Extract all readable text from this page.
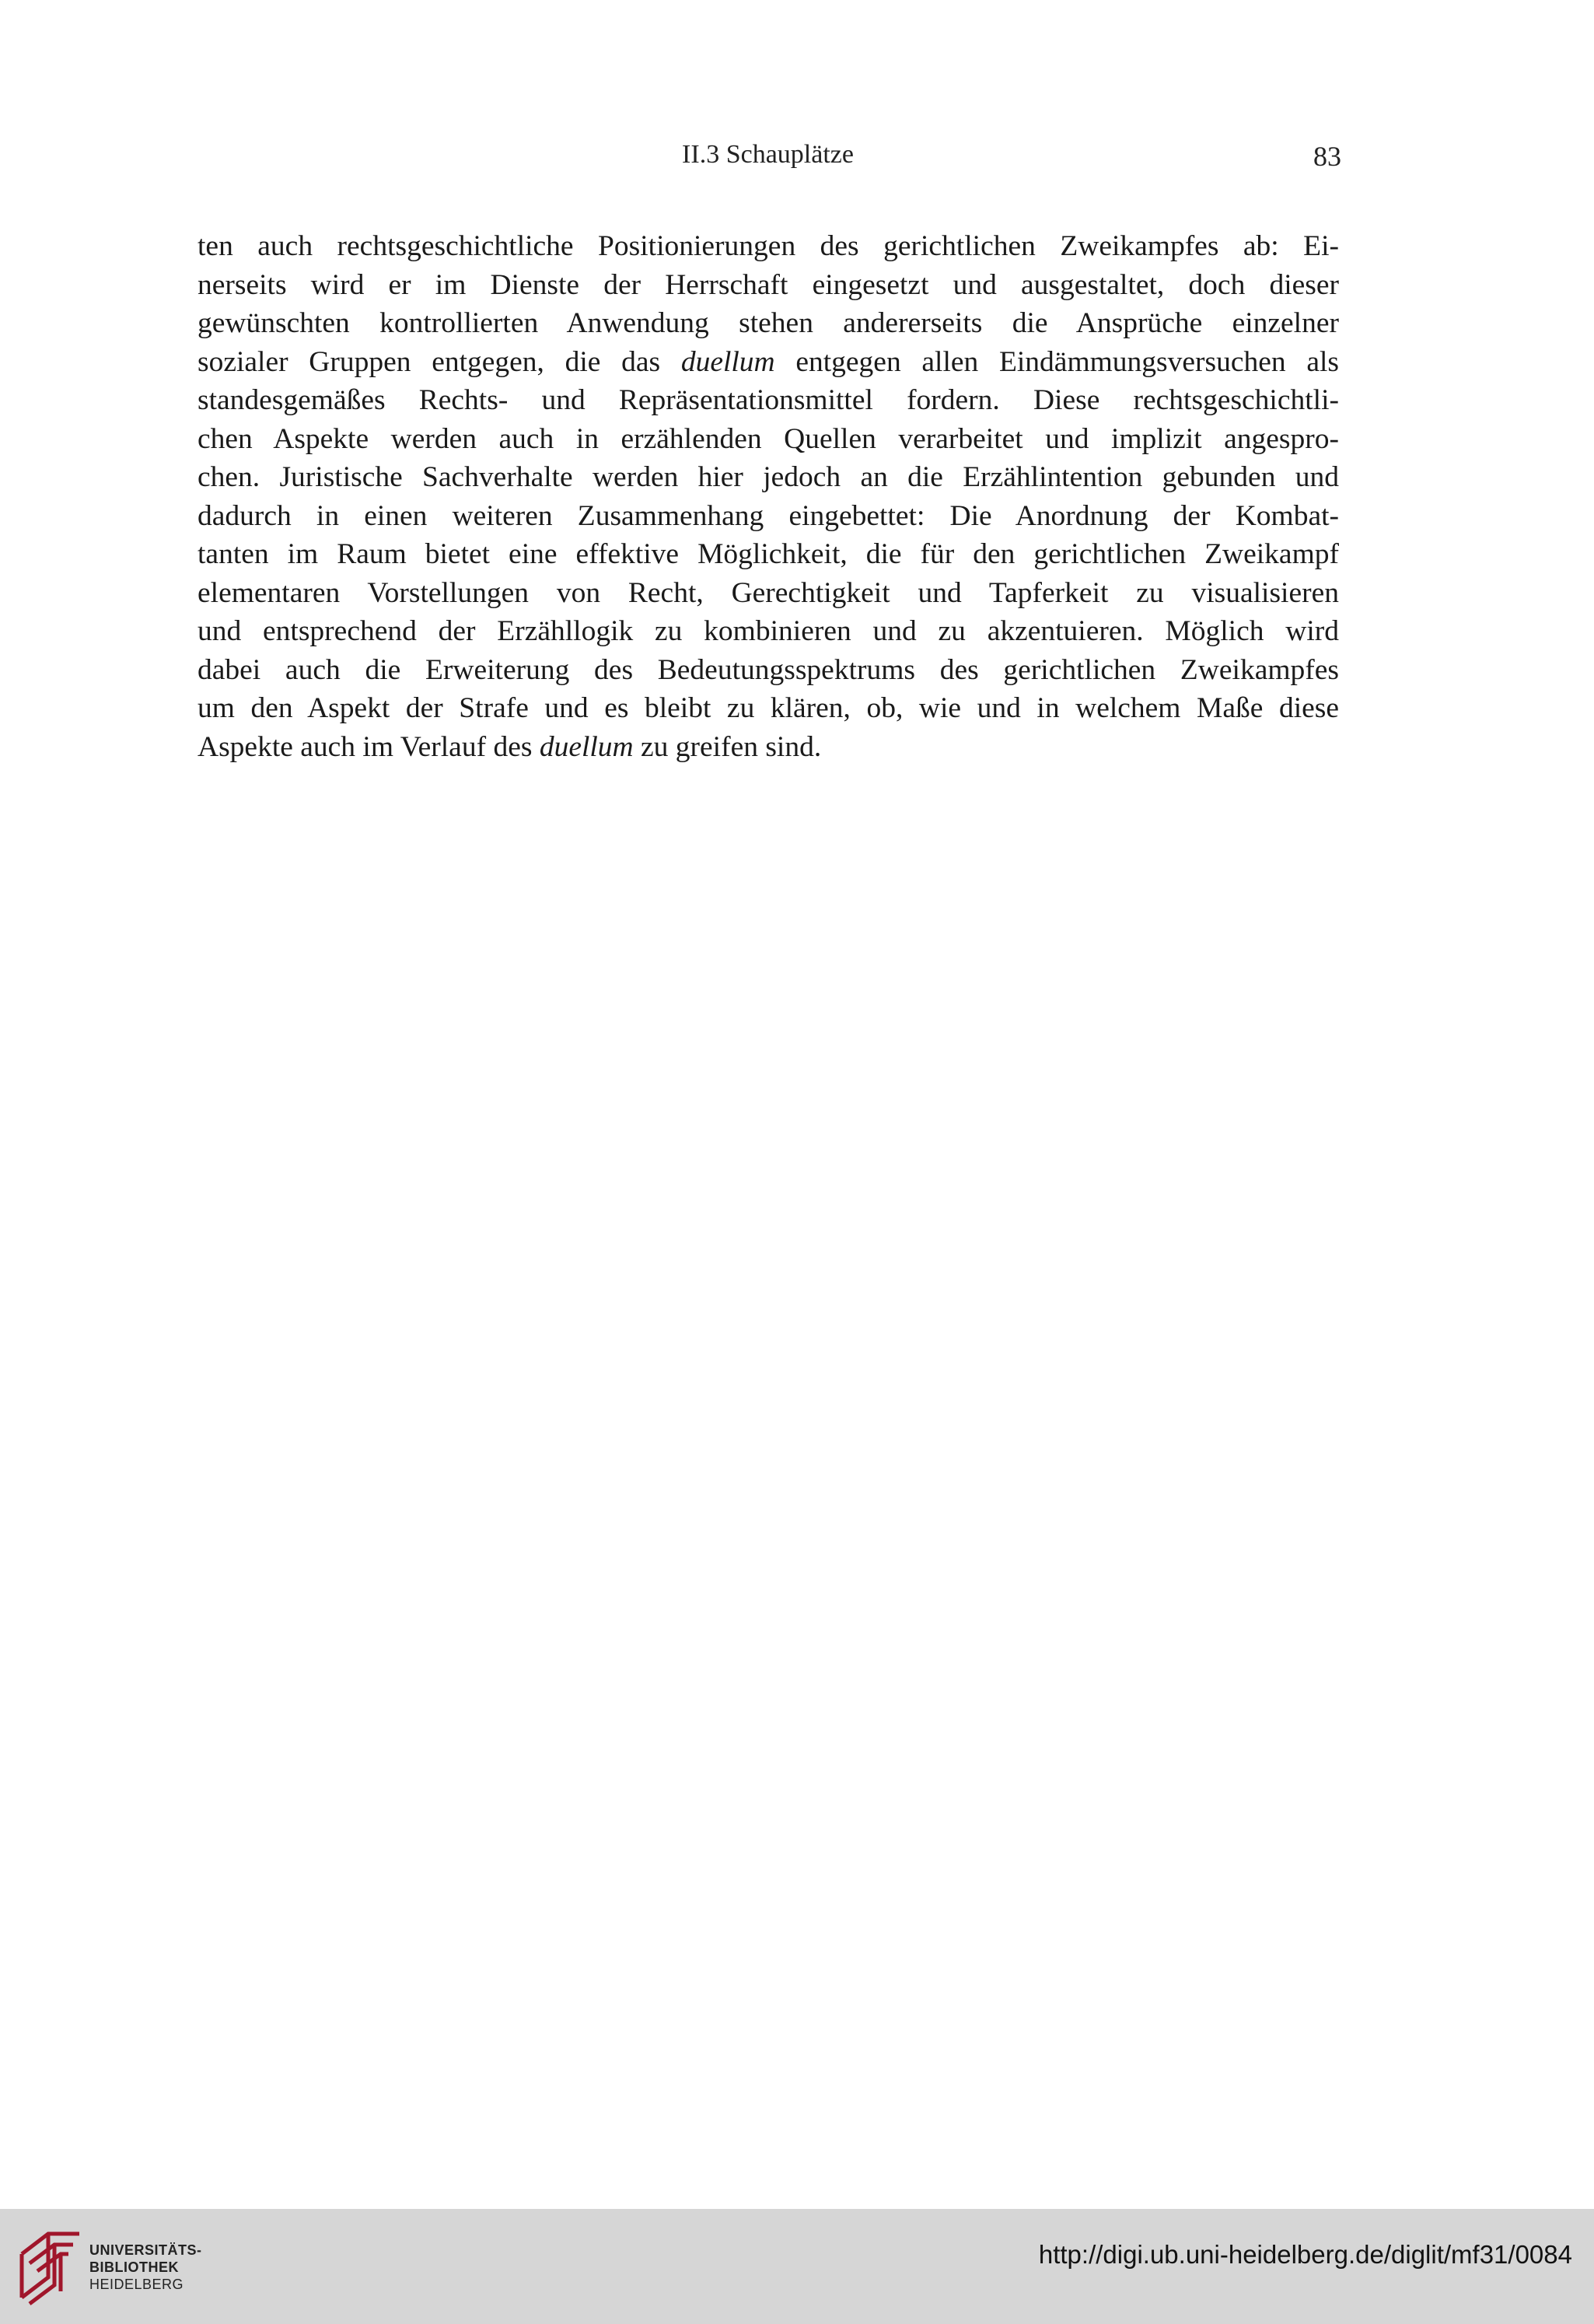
II.3 Schauplätze	83
ten auch rechtsgeschichtliche Positionierungen des gerichtlichen Zweikampfes ab: Ei-
nerseits wird er im Dienste der Herrschaft eingesetzt und ausgestaltet, doch dieser
gewünschten kontrollierten Anwendung stehen andererseits die Ansprüche einzelner
sozialer Gruppen entgegen, die das duellum entgegen allen Eindämmungsversuchen als
standesgemäßes Rechts- und Repräsentationsmittel fordern. Diese rechtsgeschichtli-
chen Aspekte werden auch in erzählenden Quellen verarbeitet und implizit angespro-
chen. Juristische Sachverhalte werden hier jedoch an die Erzählintention gebunden und
dadurch in einen weiteren Zusammenhang eingebettet: Die Anordnung der Kombat-
tanten im Raum bietet eine effektive Möglichkeit, die für den gerichtlichen Zweikampf
elementaren Vorstellungen von Recht, Gerechtigkeit und Tapferkeit zu visualisieren
und entsprechend der Erzähllogik zu kombinieren und zu akzentuieren. Möglich wird
dabei auch die Erweiterung des Bedeutungsspektrums des gerichtlichen Zweikampfes
um den Aspekt der Strafe und es bleibt zu klären, ob, wie und in welchem Maße diese
Aspekte auch im Verlauf des duellum zu greifen sind.
UNIVERSITÄTS-
BIBLIOTHEK
HEIDELBERG
http://digi.ub.uni-heidelberg.de/diglit/mf31/0084
